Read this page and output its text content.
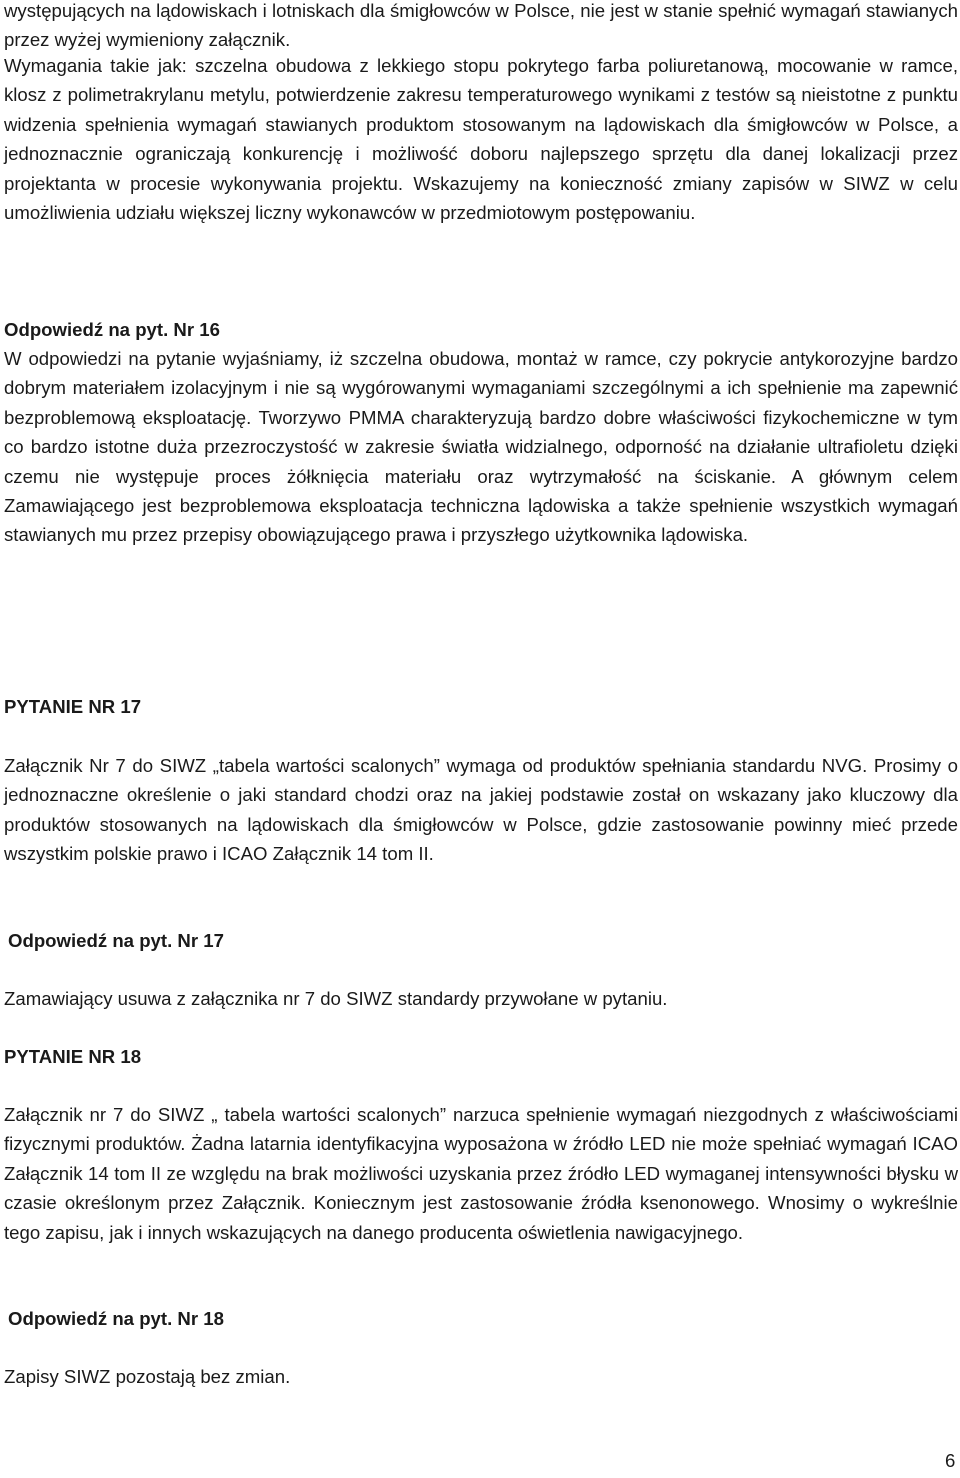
występujących na lądowiskach i lotniskach dla śmigłowców w Polsce, nie jest w stanie spełnić wymagań stawianych przez wyżej wymieniony załącznik.

Wymagania takie jak: szczelna obudowa z lekkiego stopu pokrytego farba poliuretanową, mocowanie w ramce, klosz z polimetrakrylanu metylu, potwierdzenie zakresu temperaturowego wynikami z testów są nieistotne z punktu widzenia spełnienia wymagań stawianych produktom stosowanym na lądowiskach dla śmigłowców w Polsce, a jednoznacznie ograniczają konkurencję i możliwość doboru najlepszego sprzętu dla danej lokalizacji przez projektanta w procesie wykonywania projektu. Wskazujemy na konieczność zmiany zapisów w SIWZ w celu umożliwienia udziału większej liczny wykonawców w przedmiotowym postępowaniu.

Odpowiedź na pyt. Nr 16

W odpowiedzi na pytanie wyjaśniamy, iż szczelna obudowa, montaż w ramce, czy pokrycie antykorozyjne bardzo dobrym materiałem izolacyjnym i nie są wygórowanymi wymaganiami szczególnymi a ich spełnienie ma zapewnić bezproblemową eksploatację. Tworzywo PMMA charakteryzują bardzo dobre właściwości fizykochemiczne w tym co bardzo istotne duża przezroczystość w zakresie światła widzialnego, odporność na działanie ultrafioletu dzięki czemu nie występuje proces żółknięcia materiału oraz wytrzymałość na ściskanie. A głównym celem Zamawiającego jest bezproblemowa eksploatacja techniczna lądowiska a także spełnienie wszystkich wymagań stawianych mu przez przepisy obowiązującego prawa i przyszłego użytkownika lądowiska.

PYTANIE NR 17

Załącznik Nr 7 do SIWZ „tabela wartości scalonych” wymaga od produktów spełniania standardu NVG. Prosimy o jednoznaczne określenie o jaki standard chodzi oraz na jakiej podstawie został on wskazany jako kluczowy dla produktów stosowanych na lądowiskach dla śmigłowców w Polsce, gdzie zastosowanie powinny mieć przede wszystkim polskie prawo i ICAO Załącznik 14 tom II.

Odpowiedź na pyt. Nr 17

Zamawiający usuwa z załącznika nr 7 do SIWZ standardy przywołane w pytaniu.

PYTANIE NR 18

Załącznik nr 7 do SIWZ „ tabela wartości scalonych” narzuca spełnienie wymagań niezgodnych z właściwościami fizycznymi produktów. Żadna latarnia identyfikacyjna wyposażona w źródło LED nie może spełniać wymagań ICAO Załącznik 14 tom II ze względu na brak możliwości uzyskania przez źródło LED wymaganej intensywności błysku w czasie określonym przez Załącznik. Koniecznym jest zastosowanie źródła ksenonowego. Wnosimy o wykreślnie tego zapisu, jak i innych wskazujących na danego producenta oświetlenia nawigacyjnego.

Odpowiedź na pyt. Nr 18

Zapisy SIWZ pozostają bez zmian.

6
